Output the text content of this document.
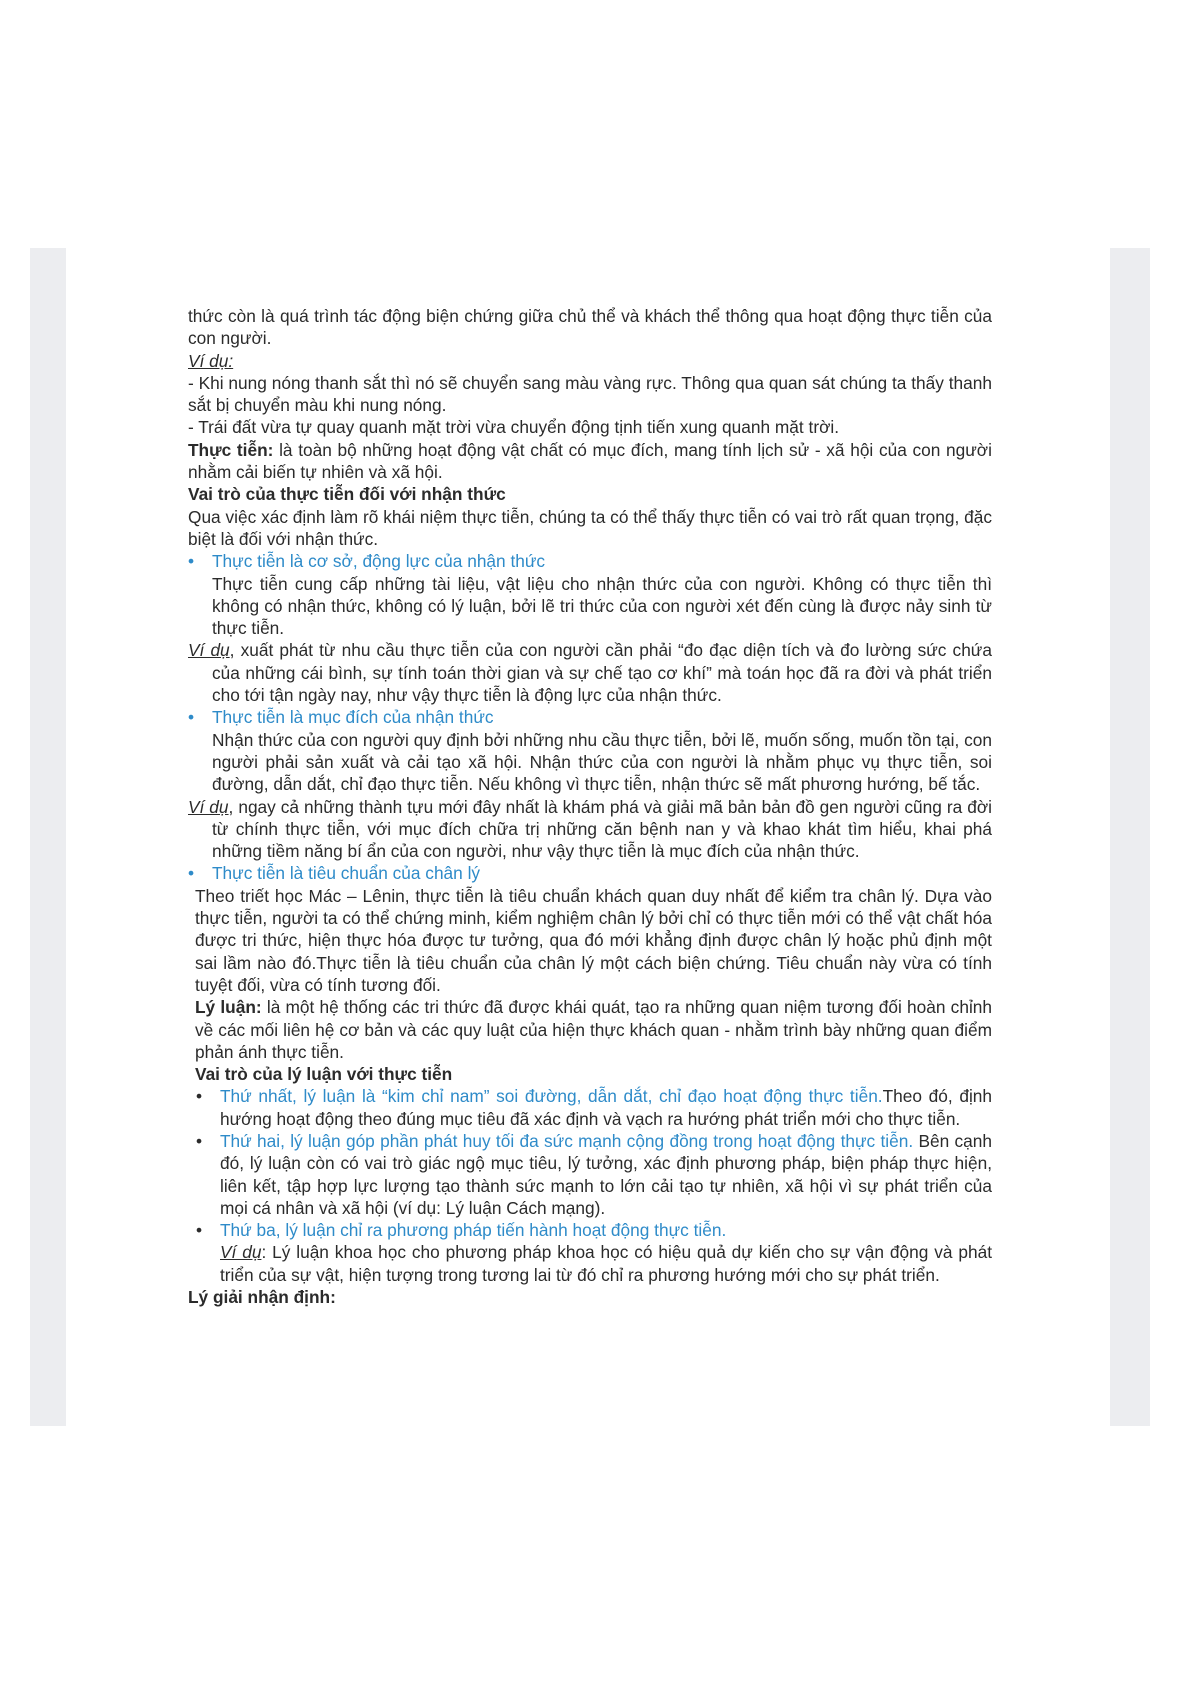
thức còn là quá trình tác động biện chứng giữa chủ thể và khách thể thông qua hoạt động thực tiễn của con người.

Ví dụ:

- Khi nung nóng thanh sắt thì nó sẽ chuyển sang màu vàng rực. Thông qua quan sát chúng ta thấy thanh sắt bị chuyển màu khi nung nóng.

- Trái đất vừa tự quay quanh mặt trời vừa chuyển động tịnh tiến xung quanh mặt trời.

Thực tiễn: là toàn bộ những hoạt động vật chất có mục đích, mang tính lịch sử - xã hội của con người nhằm cải biến tự nhiên và xã hội.

Vai trò của thực tiễn đối với nhận thức

Qua việc xác định làm rõ khái niệm thực tiễn, chúng ta có thể thấy thực tiễn có vai trò rất quan trọng, đặc biệt là đối với nhận thức.

• Thực tiễn là cơ sở, động lực của nhận thức

Thực tiễn cung cấp những tài liệu, vật liệu cho nhận thức của con người. Không có thực tiễn thì không có nhận thức, không có lý luận, bởi lẽ tri thức của con người xét đến cùng là được nảy sinh từ thực tiễn.

Ví dụ, xuất phát từ nhu cầu thực tiễn của con người cần phải “đo đạc diện tích và đo lường sức chứa của những cái bình, sự tính toán thời gian và sự chế tạo cơ khí” mà toán học đã ra đời và phát triển cho tới tận ngày nay, như vậy thực tiễn là động lực của nhận thức.

• Thực tiễn là mục đích của nhận thức

Nhận thức của con người quy định bởi những nhu cầu thực tiễn, bởi lẽ, muốn sống, muốn tồn tại, con người phải sản xuất và cải tạo xã hội. Nhận thức của con người là nhằm phục vụ thực tiễn, soi đường, dẫn dắt, chỉ đạo thực tiễn. Nếu không vì thực tiễn, nhận thức sẽ mất phương hướng, bế tắc.

Ví dụ, ngay cả những thành tựu mới đây nhất là khám phá và giải mã bản bản đồ gen người cũng ra đời từ chính thực tiễn, với mục đích chữa trị những căn bệnh nan y và khao khát tìm hiểu, khai phá những tiềm năng bí ẩn của con người, như vậy thực tiễn là mục đích của nhận thức.

• Thực tiễn là tiêu chuẩn của chân lý

Theo triết học Mác – Lênin, thực tiễn là tiêu chuẩn khách quan duy nhất để kiểm tra chân lý. Dựa vào thực tiễn, người ta có thể chứng minh, kiểm nghiệm chân lý bởi chỉ có thực tiễn mới có thể vật chất hóa được tri thức, hiện thực hóa được tư tưởng, qua đó mới khẳng định được chân lý hoặc phủ định một sai lầm nào đó.Thực tiễn là tiêu chuẩn của chân lý một cách biện chứng. Tiêu chuẩn này vừa có tính tuyệt đối, vừa có tính tương đối.

Lý luận: là một hệ thống các tri thức đã được khái quát, tạo ra những quan niệm tương đối hoàn chỉnh về các mối liên hệ cơ bản và các quy luật của hiện thực khách quan - nhằm trình bày những quan điểm phản ánh thực tiễn.

Vai trò của lý luận với thực tiễn

• Thứ nhất, lý luận là “kim chỉ nam” soi đường, dẫn dắt, chỉ đạo hoạt động thực tiễn.Theo đó, định hướng hoạt động theo đúng mục tiêu đã xác định và vạch ra hướng phát triển mới cho thực tiễn.

• Thứ hai, lý luận góp phần phát huy tối đa sức mạnh cộng đồng trong hoạt động thực tiễn. Bên cạnh đó, lý luận còn có vai trò giác ngộ mục tiêu, lý tưởng, xác định phương pháp, biện pháp thực hiện, liên kết, tập hợp lực lượng tạo thành sức mạnh to lớn cải tạo tự nhiên, xã hội vì sự phát triển của mọi cá nhân và xã hội (ví dụ: Lý luận Cách mạng).

• Thứ ba, lý luận chỉ ra phương pháp tiến hành hoạt động thực tiễn.

Ví dụ: Lý luận khoa học cho phương pháp khoa học có hiệu quả dự kiến cho sự vận động và phát triển của sự vật, hiện tượng trong tương lai từ đó chỉ ra phương hướng mới cho sự phát triển.

Lý giải nhận định:
